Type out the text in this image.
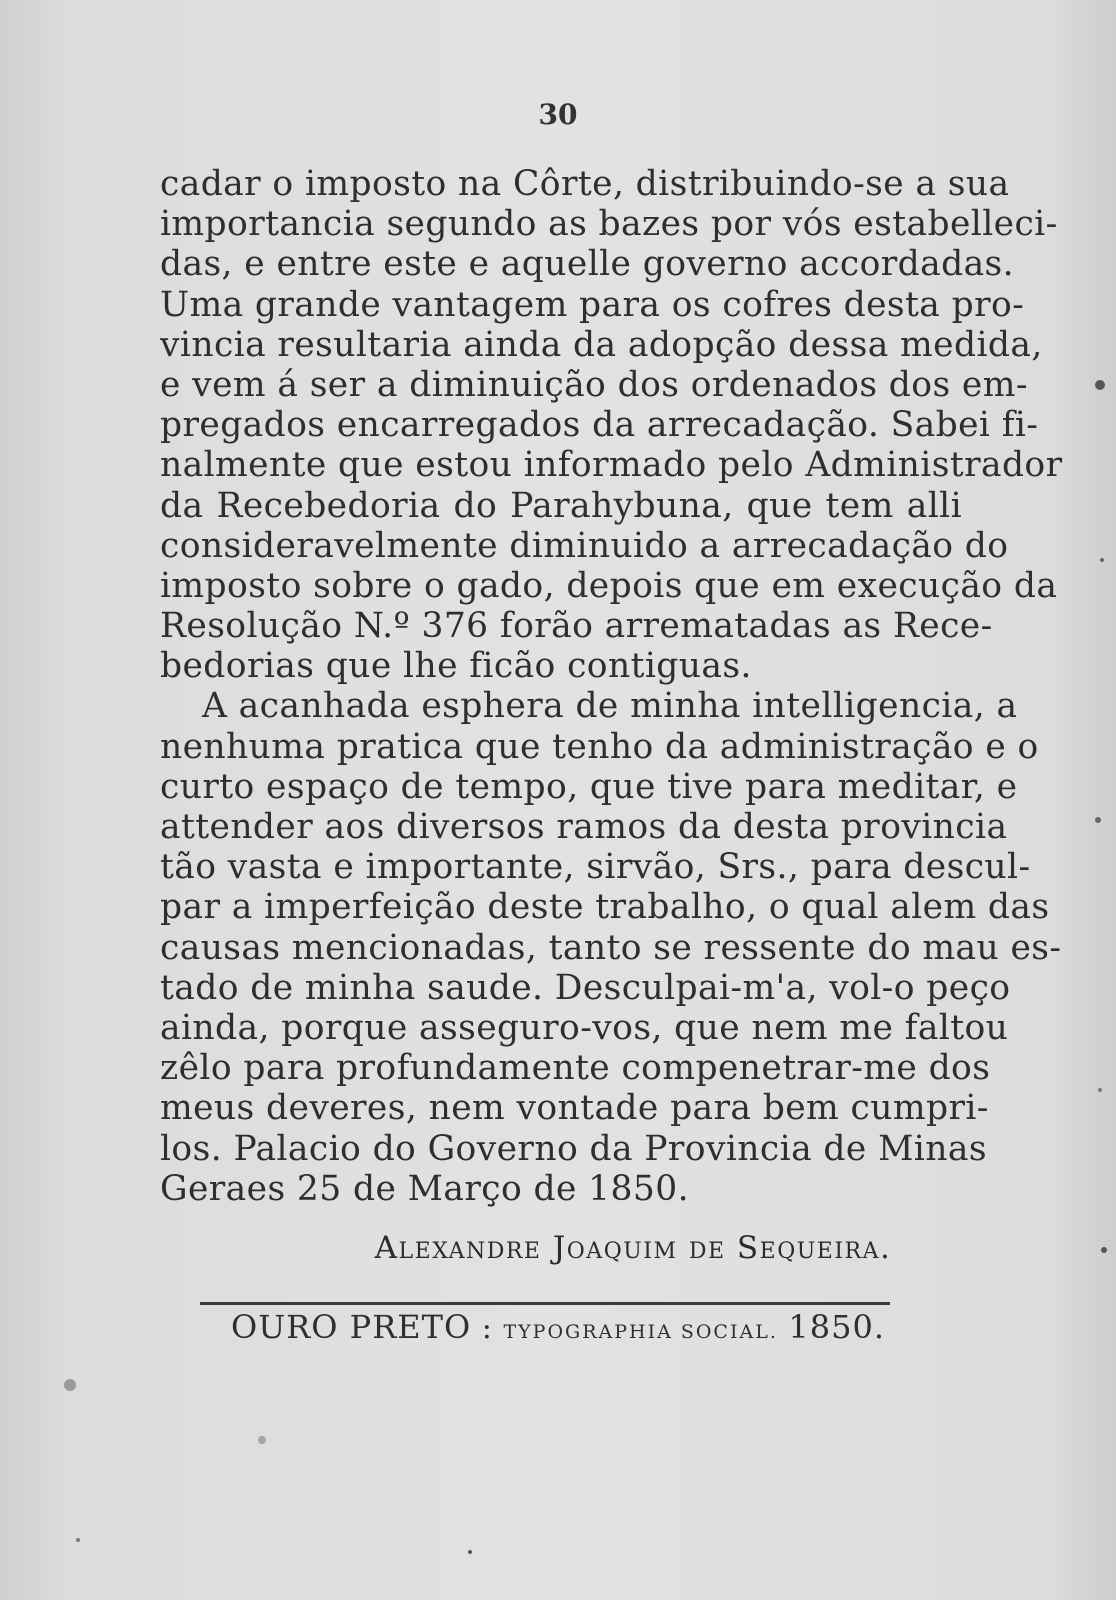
30
cadar o imposto na Côrte, distribuindo-se a sua
importancia segundo as bazes por vós estabelleci-
das, e entre este e aquelle governo accordadas.
Uma grande vantagem para os cofres desta pro-
vincia resultaria ainda da adopção dessa medida,
e vem á ser a diminuição dos ordenados dos em-
pregados encarregados da arrecadação. Sabei fi-
nalmente que estou informado pelo Administrador
da Recebedoria do Parahybuna, que tem alli
consideravelmente diminuido a arrecadação do
imposto sobre o gado, depois que em execução da
Resolução N.º 376 forão arrematadas as Rece-
bedorias que lhe ficão contiguas.
A acanhada esphera de minha intelligencia, a
nenhuma pratica que tenho da administração e o
curto espaço de tempo, que tive para meditar, e
attender aos diversos ramos da desta provincia
tão vasta e importante, sirvão, Srs., para descul-
par a imperfeição deste trabalho, o qual alem das
causas mencionadas, tanto se ressente do mau es-
tado de minha saude. Desculpai-m'a, vol-o peço
ainda, porque asseguro-vos, que nem me faltou
zêlo para profundamente compenetrar-me dos
meus deveres, nem vontade para bem cumpri-
los. Palacio do Governo da Provincia de Minas
Geraes 25 de Março de 1850.
Alexandre Joaquim de Sequeira.
OURO PRETO : TYPOGRAPHIA SOCIAL. 1850.
